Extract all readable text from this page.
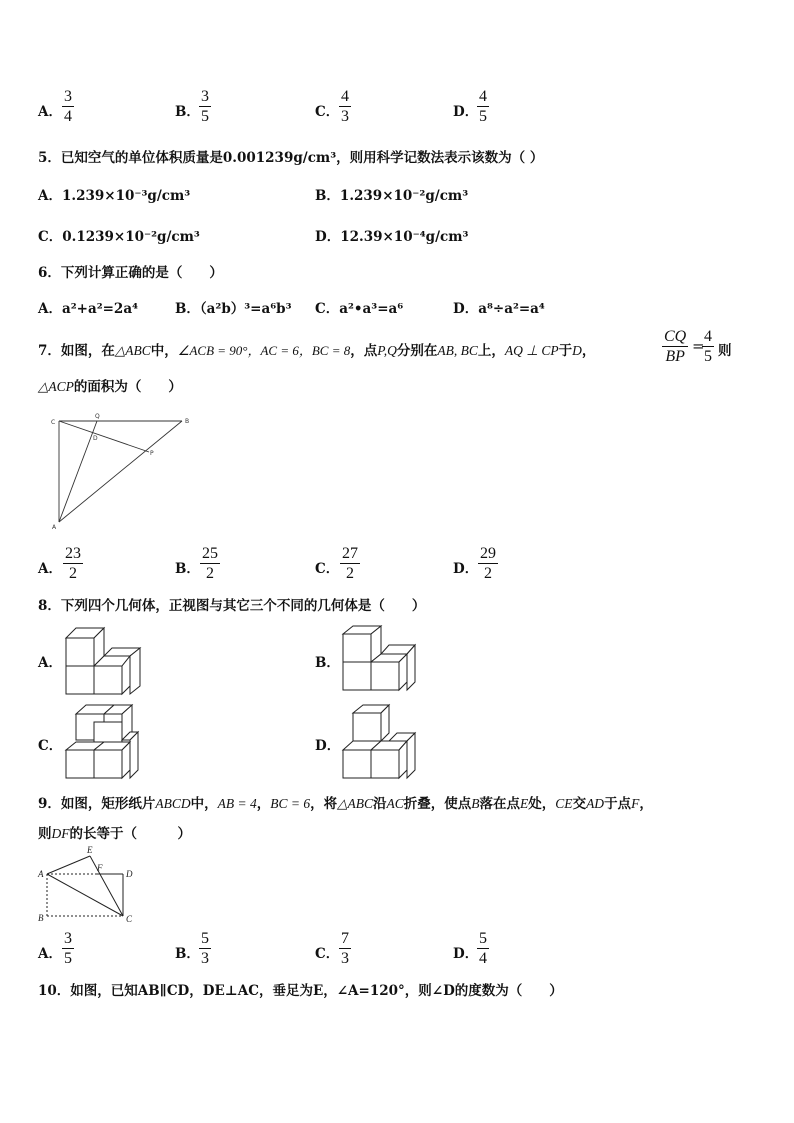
A．
3
4	B．
3
5	C．
4
3	D．
4
5
5．已知空气的单位体积质量是0.001239g/cm³，则用科学记数法表示该数为（ ）
A．1.239×10⁻³g/cm³	B．1.239×10⁻²g/cm³
C．0.1239×10⁻²g/cm³	D．12.39×10⁻⁴g/cm³
6．下列计算正确的是（　　）
A．a²+a²=2a⁴	B．（a²b）³=a⁶b³ C．a²•a³=a⁶	D．a⁸÷a²=a⁴
7．如图，在△ABC中，∠ACB = 90°，AC = 6，BC = 8，点P,Q分别在AB, BC上，AQ ⊥ CP于D，
CQ
BP
=
4
5 则
△ACP的面积为（　　）
C
Q
B
D
P
A
A．
23
2	B．
25
2	C．
27
2	D．
29
2
8．下列四个几何体，正视图与其它三个不同的几何体是（　　）
A．	B．
C．	D．
9．如图，矩形纸片ABCD中，AB = 4，BC = 6，将△ABC沿AC折叠，使点B落在点E处，CE交AD于点F，
则DF的长等于（　　　）
A
E
F
D
B	C
A．
3
5	B．
5
3	C．
7
3	D．
5
4
10．如图，已知AB∥CD，DE⊥AC，垂足为E，∠A=120°，则∠D的度数为（　　）
